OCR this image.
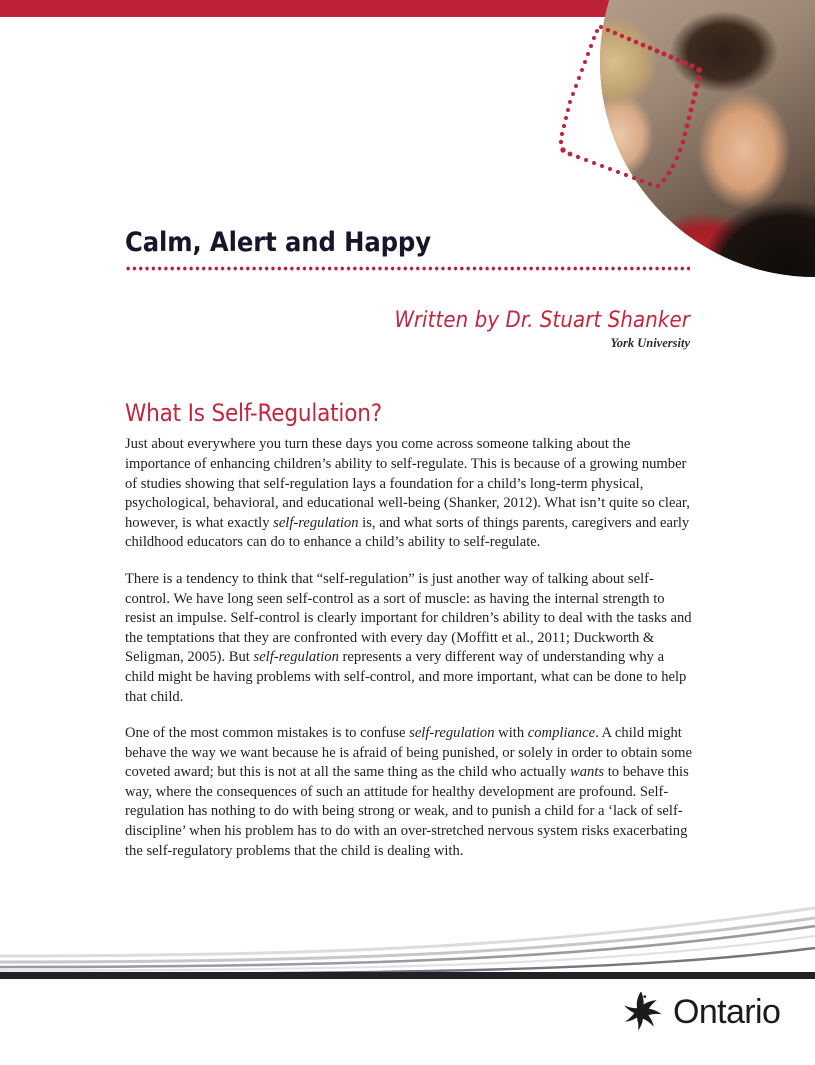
Calm, Alert and Happy
Written by Dr. Stuart Shanker
York University
What Is Self-Regulation?

Just about everywhere you turn these days you come across someone talking about the importance of enhancing children’s ability to self-regulate. This is because of a growing number of studies showing that self-regulation lays a foundation for a child’s long-term physical, psychological, behavioral, and educational well-being (Shanker, 2012). What isn’t quite so clear, however, is what exactly self-regulation is, and what sorts of things parents, caregivers and early childhood educators can do to enhance a child’s ability to self-regulate.

There is a tendency to think that “self-regulation” is just another way of talking about self-control. We have long seen self-control as a sort of muscle: as having the internal strength to resist an impulse. Self-control is clearly important for children’s ability to deal with the tasks and the temptations that they are confronted with every day (Moffitt et al., 2011; Duckworth & Seligman, 2005). But self-regulation represents a very different way of understanding why a child might be having problems with self-control, and more important, what can be done to help that child.

One of the most common mistakes is to confuse self-regulation with compliance. A child might behave the way we want because he is afraid of being punished, or solely in order to obtain some coveted award; but this is not at all the same thing as the child who actually wants to behave this way, where the consequences of such an attitude for healthy development are profound. Self-regulation has nothing to do with being strong or weak, and to punish a child for a ‘lack of self-discipline’ when his problem has to do with an over-stretched nervous system risks exacerbating the self-regulatory problems that the child is dealing with.

Ontario
